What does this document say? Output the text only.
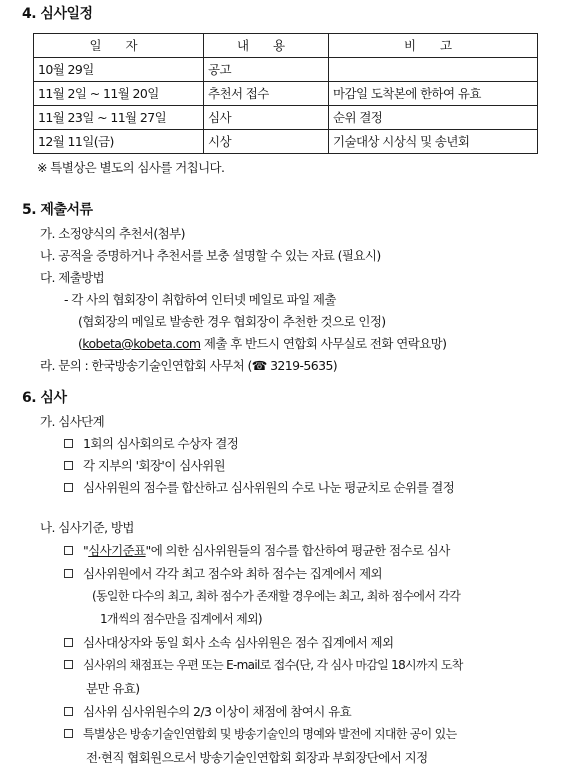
4. 심사일정
일 자	내 용	비 고
10월 29일	공고	
11월 2일 ~ 11월 20일	추천서 접수	마감일 도착본에 한하여 유효
11월 23일 ~ 11월 27일	심사	순위 결정
12월 11일(금)	시상	기술대상 시상식 및 송년회
※ 특별상은 별도의 심사를 거칩니다.
5. 제출서류
가. 소정양식의 추천서(첨부)
나. 공적을 증명하거나 추천서를 보충 설명할 수 있는 자료 (필요시)
다. 제출방법
- 각 사의 협회장이 취합하여 인터넷 메일로 파일 제출
(협회장의 메일로 발송한 경우 협회장이 추천한 것으로 인정)
(kobeta@kobeta.com 제출 후 반드시 연합회 사무실로 전화 연락요망)
라. 문의 : 한국방송기술인연합회 사무처 (☎ 3219-5635)
6. 심사
가. 심사단계
1회의 심사회의로 수상자 결정
각 지부의 '회장'이 심사위원
심사위원의 점수를 합산하고 심사위원의 수로 나눈 평균치로 순위를 결정
나. 심사기준, 방법
"심사기준표"에 의한 심사위원들의 점수를 합산하여 평균한 점수로 심사
심사위원에서 각각 최고 점수와 최하 점수는 집계에서 제외
(동일한 다수의 최고, 최하 점수가 존재할 경우에는 최고, 최하 점수에서 각각
1개씩의 점수만을 집계에서 제외)
심사대상자와 동일 회사 소속 심사위원은 점수 집계에서 제외
심사위의 채점표는 우편 또는 E-mail로 접수(단, 각 심사 마감일 18시까지 도착
분만 유효)
심사위 심사위원수의 2/3 이상이 채점에 참여시 유효
특별상은 방송기술인연합회 및 방송기술인의 명예와 발전에 지대한 공이 있는
전·현직 협회원으로서 방송기술인연합회 회장과 부회장단에서 지정
